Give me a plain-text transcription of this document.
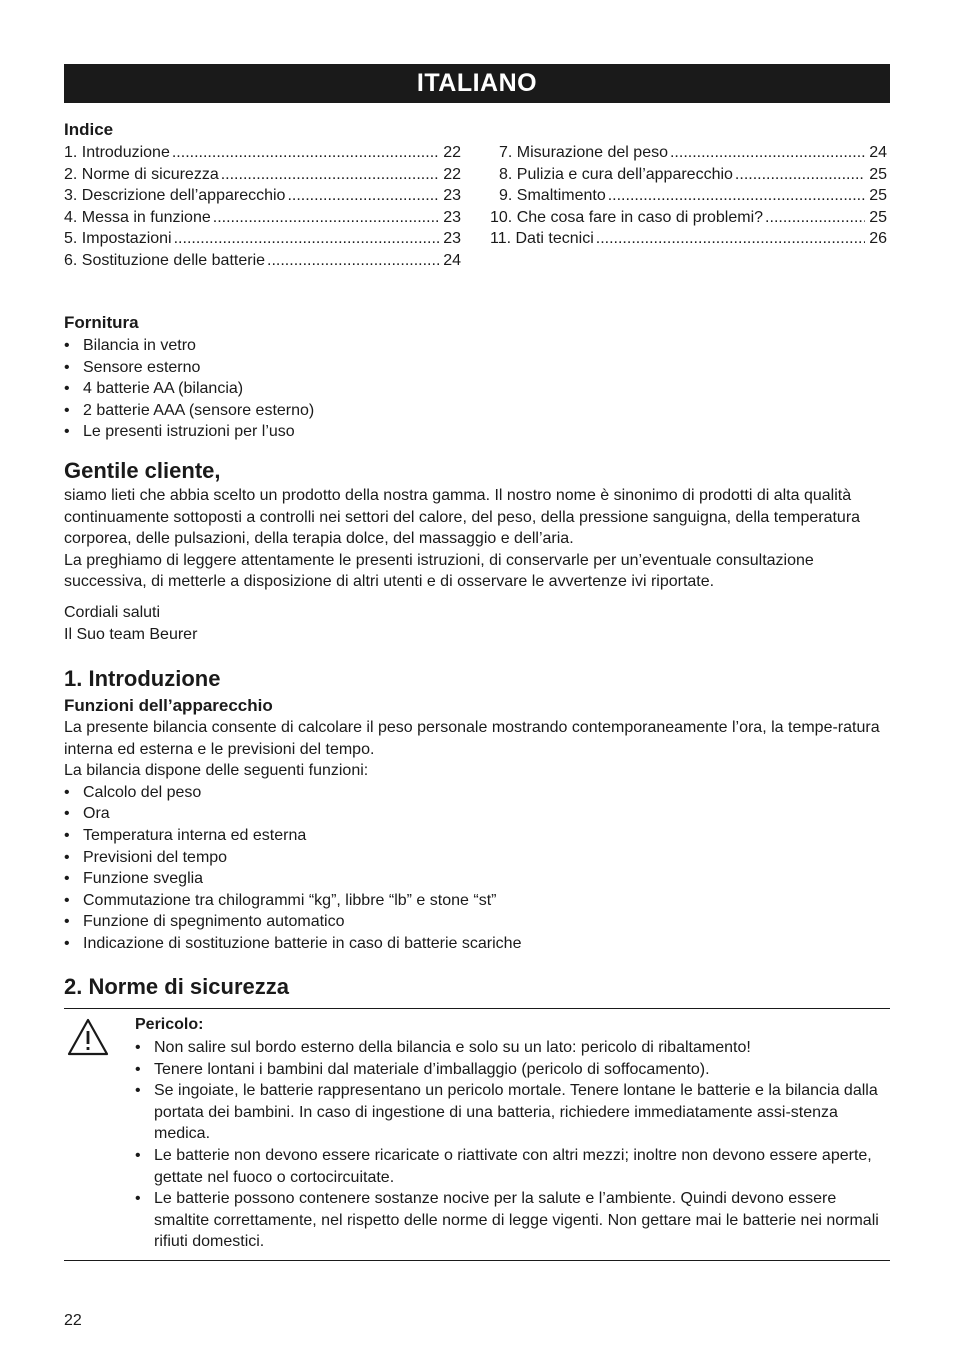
ITALIANO
Indice
1. Introduzione .....	22
2. Norme di sicurezza .....	22
3. Descrizione dell’apparecchio .....	23
4. Messa in funzione .....	23
5. Impostazioni .....	23
6. Sostituzione delle batterie .....	24
7. Misurazione del peso .....	24
8. Pulizia e cura dell’apparecchio .....	25
9. Smaltimento .....	25
10. Che cosa fare in caso di problemi? .....	25
11. Dati tecnici .....	26
Fornitura
• Bilancia in vetro
• Sensore esterno
• 4 batterie AA (bilancia)
• 2 batterie AAA (sensore esterno)
• Le presenti istruzioni per l’uso
Gentile cliente,

siamo lieti che abbia scelto un prodotto della nostra gamma. Il nostro nome è sinonimo di prodotti di alta qualità continuamente sottoposti a controlli nei settori del calore, del peso, della pressione sanguigna, della temperatura corporea, delle pulsazioni, della terapia dolce, del massaggio e dell’aria.

La preghiamo di leggere attentamente le presenti istruzioni, di conservarle per un’eventuale consultazione successiva, di metterle a disposizione di altri utenti e di osservare le avvertenze ivi riportate.

Cordiali saluti

Il Suo team Beurer

1. Introduzione
Funzioni dell’apparecchio

La presente bilancia consente di calcolare il peso personale mostrando contemporaneamente l’ora, la tempe-ratura interna ed esterna e le previsioni del tempo.

La bilancia dispone delle seguenti funzioni:

• Calcolo del peso
• Ora
• Temperatura interna ed esterna
• Previsioni del tempo
• Funzione sveglia
• Commutazione tra chilogrammi “kg”, libbre “lb” e stone “st”
• Funzione di spegnimento automatico
• Indicazione di sostituzione batterie in caso di batterie scariche
2. Norme di sicurezza
Pericolo:
• Non salire sul bordo esterno della bilancia e solo su un lato: pericolo di ribaltamento!
• Tenere lontani i bambini dal materiale d’imballaggio (pericolo di soffocamento).
• Se ingoiate, le batterie rappresentano un pericolo mortale. Tenere lontane le batterie e la bilancia dalla portata dei bambini. In caso di ingestione di una batteria, richiedere immediatamente assi-stenza medica.
• Le batterie non devono essere ricaricate o riattivate con altri mezzi; inoltre non devono essere aperte, gettate nel fuoco o cortocircuitate.
• Le batterie possono contenere sostanze nocive per la salute e l’ambiente. Quindi devono essere smaltite correttamente, nel rispetto delle norme di legge vigenti. Non gettare mai le batterie nei normali rifiuti domestici.
22
